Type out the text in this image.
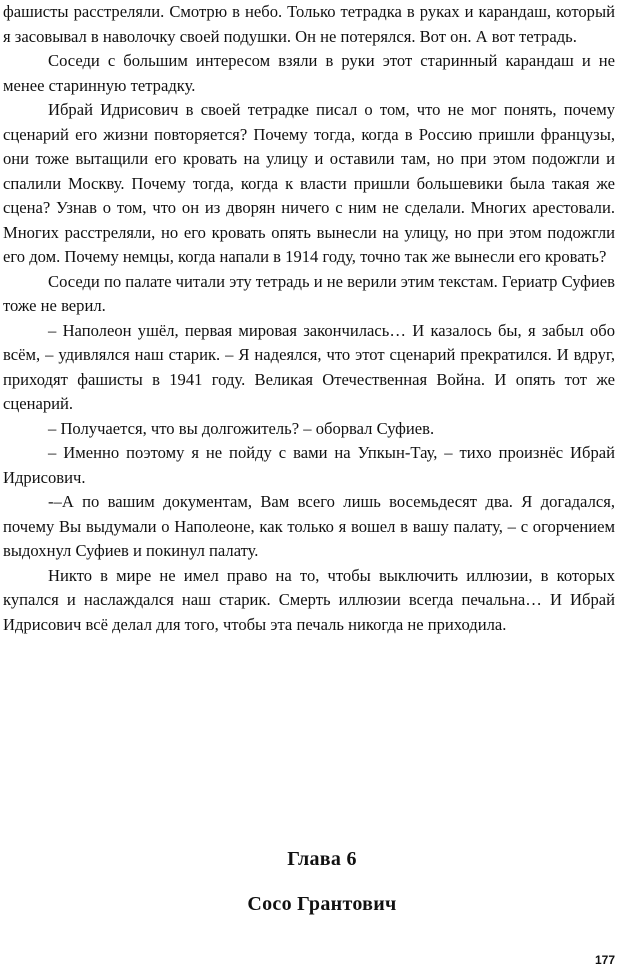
фашисты расстреляли. Смотрю в небо. Только тетрадка в руках и карандаш, который я засовывал в наволочку своей подушки. Он не потерялся. Вот он. А вот тетрадь.

Соседи с большим интересом взяли в руки этот старинный карандаш и не менее старинную тетрадку.

Ибрай Идрисович в своей тетрадке писал о том, что не мог понять, почему сценарий его жизни повторяется? Почему тогда, когда в Россию пришли французы, они тоже вытащили его кровать на улицу и оставили там, но при этом подожгли и спалили Москву. Почему тогда, когда к власти пришли большевики была такая же сцена? Узнав о том, что он из дворян ничего с ним не сделали. Многих арестовали. Многих расстреляли, но его кровать опять вынесли на улицу, но при этом подожгли его дом. Почему немцы, когда напали в 1914 году, точно так же вынесли его кровать?

Соседи по палате читали эту тетрадь и не верили этим текстам. Гериатр Суфиев тоже не верил.

– Наполеон ушёл, первая мировая закончилась… И казалось бы, я забыл обо всём, – удивлялся наш старик. – Я надеялся, что этот сценарий прекратился. И вдруг, приходят фашисты в 1941 году. Великая Отечественная Война. И опять тот же сценарий.

– Получается, что вы долгожитель? – оборвал Суфиев.

– Именно поэтому я не пойду с вами на Упкын-Тау, – тихо произнёс Ибрай Идрисович.

-–А по вашим документам, Вам всего лишь восемьдесят два. Я догадался, почему Вы выдумали о Наполеоне, как только я вошел в вашу палату, – с огорчением выдохнул Суфиев и покинул палату.

Никто в мире не имел право на то, чтобы выключить иллюзии, в которых купался и наслаждался наш старик. Смерть иллюзии всегда печальна… И Ибрай Идрисович всё делал для того, чтобы эта печаль никогда не приходила.

Глава 6
Сосо Грантович
177
